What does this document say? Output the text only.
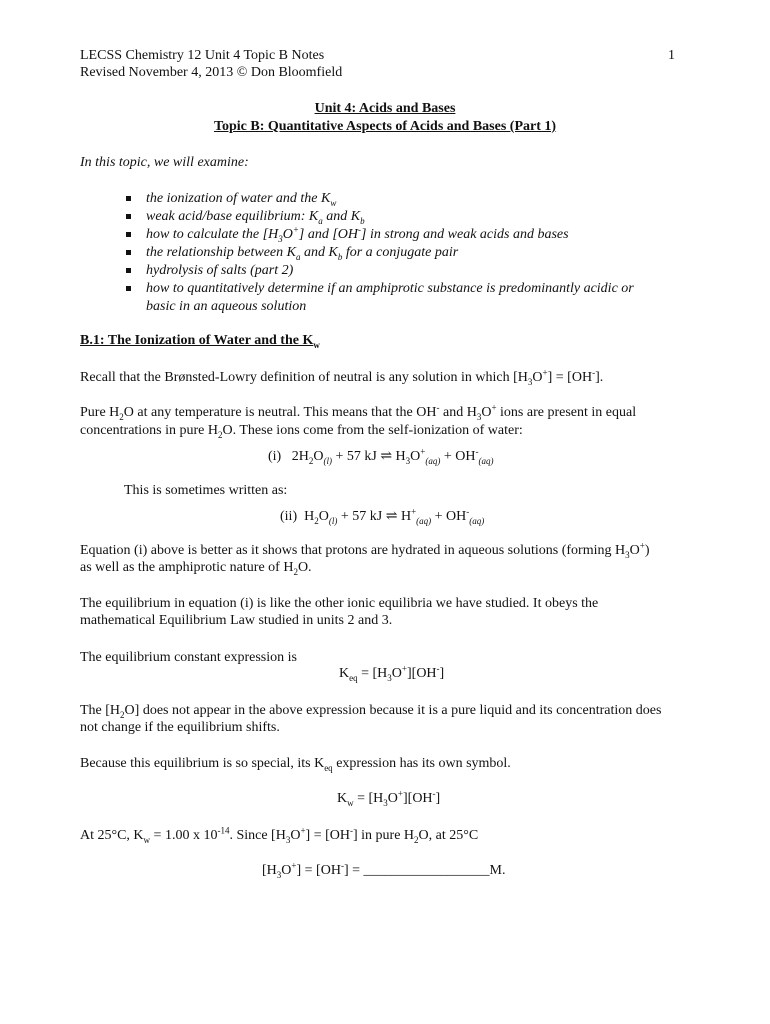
LECSS Chemistry 12 Unit 4 Topic B Notes
Revised November 4, 2013 © Don Bloomfield
1
Unit 4: Acids and Bases
Topic B: Quantitative Aspects of Acids and Bases (Part 1)
In this topic, we will examine:
the ionization of water and the $K_w$
weak acid/base equilibrium: $K_a$ and $K_b$
how to calculate the $[H_3O^+]$ and [OH-] in strong and weak acids and bases
the relationship between $K_a$ and $K_b$ for a conjugate pair
hydrolysis of salts (part 2)
how to quantitatively determine if an amphiprotic substance is predominantly acidic or
basic in an aqueous solution
B.1: The Ionization of Water and the $K_w$
Recall that the Brønsted-Lowry definition of neutral is any solution in which $[H_3O^+] = [OH^-]$.
Pure $H_2O$ at any temperature is neutral. This means that the OH- and $H_3O^+$ ions are present in equal
concentrations in pure $H_2O$. These ions come from the self-ionization of water:
(i) $2H_2O_{(l)} + 57$ kJ ⇌ $H_3O^+_{(aq)} + OH^-_{(aq)}$
This is sometimes written as:
(ii) $H_2O_{(l)} + 57$ kJ ⇌ $H^+_{(aq)} + OH^-_{(aq)}$
Equation (i) above is better as it shows that protons are hydrated in aqueous solutions (forming $H_3O^+$)
as well as the amphiprotic nature of $H_2O$.
The equilibrium in equation (i) is like the other ionic equilibria we have studied. It obeys the
mathematical Equilibrium Law studied in units 2 and 3.
The equilibrium constant expression is
$K_{eq} = [H_3O^+][OH^-]$
The $[H_2O]$ does not appear in the above expression because it is a pure liquid and its concentration does
not change if the equilibrium shifts.
Because this equilibrium is so special, its $K_{eq}$ expression has its own symbol.
$K_w = [H_3O^+][OH^-]$
At 25°C, $K_w = 1.00$ x $10^{-14}$. Since $[H_3O^+] = [OH^-]$ in pure $H_2O$, at 25°C
$[H_3O^+] = [OH^-]$ = __________________M.
